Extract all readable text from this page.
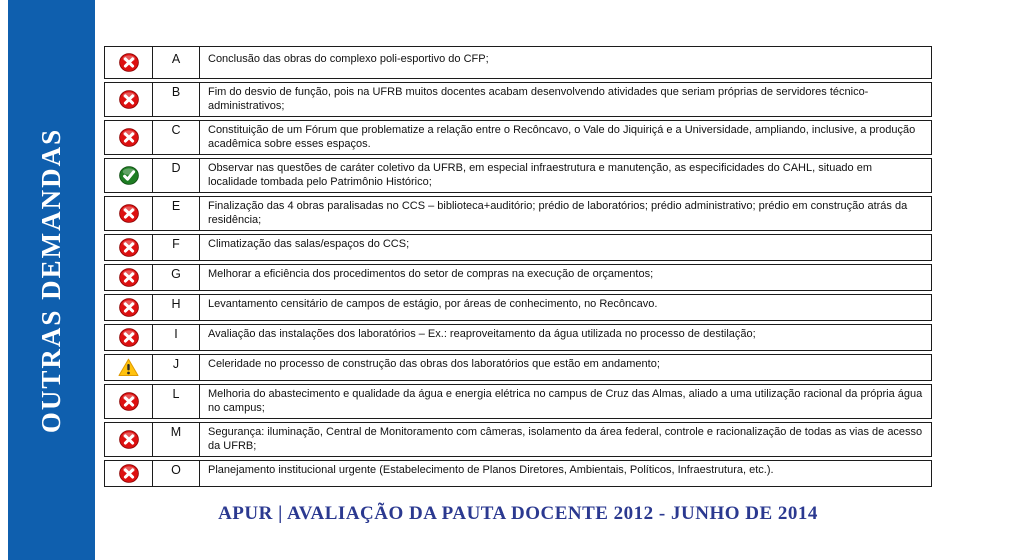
OUTRAS DEMANDAS
A	Conclusão das obras do complexo poli-esportivo do CFP;
B	Fim do desvio de função, pois na UFRB muitos docentes acabam desenvolvendo atividades que seriam próprias de servidores técnico-administrativos;
C	Constituição de um Fórum que problematize a relação entre o Recôncavo, o Vale do Jiquiriçá e a Universidade, ampliando, inclusive, a produção acadêmica sobre esses espaços.
D	Observar nas questões de caráter coletivo da UFRB, em especial infraestrutura e manutenção, as especificidades do CAHL, situado em localidade tombada pelo Patrimônio Histórico;
E	Finalização das 4 obras paralisadas no CCS – biblioteca+auditório; prédio de laboratórios; prédio administrativo; prédio em construção atrás da residência;
F	Climatização das salas/espaços do CCS;
G	Melhorar a eficiência dos procedimentos do setor de compras na execução de orçamentos;
H	Levantamento censitário de campos de estágio, por áreas de conhecimento, no Recôncavo.
I	Avaliação das instalações dos laboratórios – Ex.: reaproveitamento da água utilizada no processo de destilação;
J	Celeridade no processo de construção das obras dos laboratórios que estão em andamento;
L	Melhoria do abastecimento e qualidade da água e energia elétrica no campus de Cruz das Almas, aliado a uma utilização racional da própria água no campus;
M	Segurança: iluminação, Central de Monitoramento com câmeras, isolamento da área federal, controle e racionalização de todas as vias de acesso da UFRB;
O	Planejamento institucional urgente (Estabelecimento de Planos Diretores, Ambientais, Políticos, Infraestrutura, etc.).
APUR | AVALIAÇÃO DA PAUTA DOCENTE 2012 - JUNHO DE 2014
